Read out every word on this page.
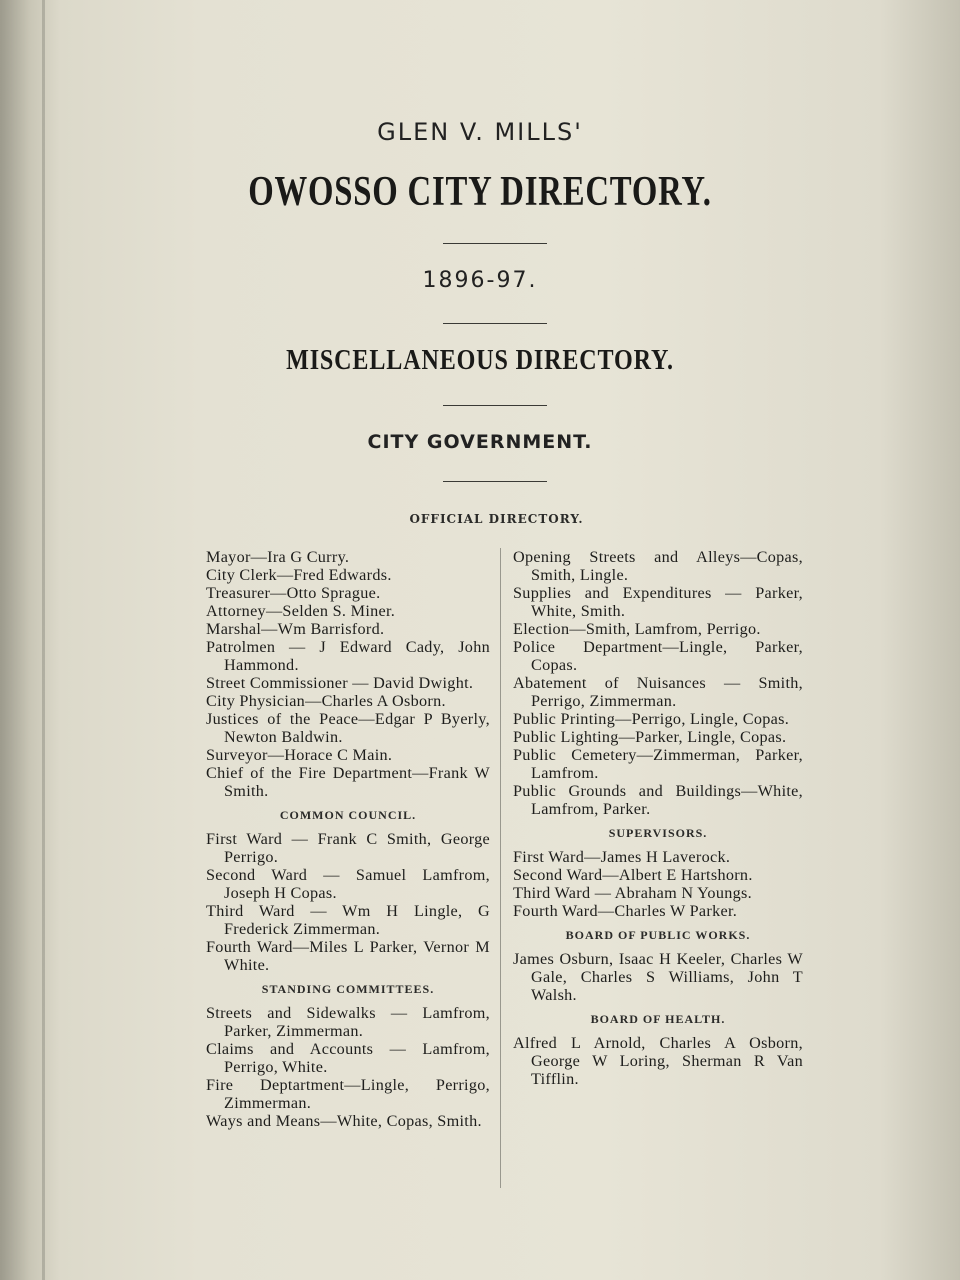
GLEN V. MILLS'
OWOSSO CITY DIRECTORY.
1896-97.
MISCELLANEOUS DIRECTORY.
CITY GOVERNMENT.
OFFICIAL DIRECTORY.
Mayor—Ira G Curry.
City Clerk—Fred Edwards.
Treasurer—Otto Sprague.
Attorney—Selden S. Miner.
Marshal—Wm Barrisford.
Patrolmen — J Edward Cady, John Hammond.
Street Commissioner — David Dwight.
City Physician—Charles A Osborn.
Justices of the Peace—Edgar P Byerly, Newton Baldwin.
Surveyor—Horace C Main.
Chief of the Fire Department—Frank W Smith.
COMMON COUNCIL.
First Ward — Frank C Smith, George Perrigo.
Second Ward — Samuel Lamfrom, Joseph H Copas.
Third Ward — Wm H Lingle, G Frederick Zimmerman.
Fourth Ward—Miles L Parker, Vernor M White.
STANDING COMMITTEES.
Streets and Sidewalks — Lamfrom, Parker, Zimmerman.
Claims and Accounts — Lamfrom, Perrigo, White.
Fire Deptartment—Lingle, Perrigo, Zimmerman.
Ways and Means—White, Copas, Smith.
Opening Streets and Alleys—Copas, Smith, Lingle.
Supplies and Expenditures — Parker, White, Smith.
Election—Smith, Lamfrom, Perrigo.
Police Department—Lingle, Parker, Copas.
Abatement of Nuisances — Smith, Perrigo, Zimmerman.
Public Printing—Perrigo, Lingle, Copas.
Public Lighting—Parker, Lingle, Copas.
Public Cemetery—Zimmerman, Parker, Lamfrom.
Public Grounds and Buildings—White, Lamfrom, Parker.
SUPERVISORS.
First Ward—James H Laverock.
Second Ward—Albert E Hartshorn.
Third Ward — Abraham N Youngs.
Fourth Ward—Charles W Parker.
BOARD OF PUBLIC WORKS.
James Osburn, Isaac H Keeler, Charles W Gale, Charles S Williams, John T Walsh.
BOARD OF HEALTH.
Alfred L Arnold, Charles A Osborn, George W Loring, Sherman R Van Tifflin.
